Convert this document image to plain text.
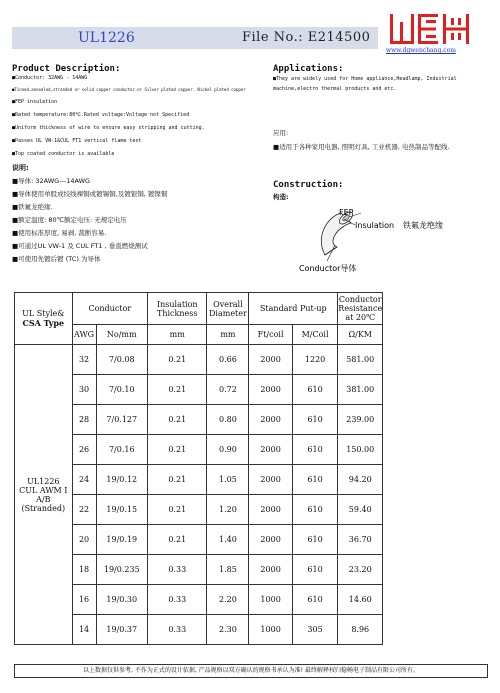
UL1226	File No.: E214500
www.dgwenchang.com
Product Description:
■Conductor: 32AWG - 14AWG
■Tinned,annealed,stranded or solid copper conductor.or Silver plated copper. Nickel plated copper
■FEP insulation
■Rated temperature:80℃.Rated voltage:Voltage not Specified
■Uniform thickness of wire to ensure easy stripping and cutting.
■Passes UL VW-1&CUL FT1 vertical flame test
■Top coated conductor is available
说明:
■导体: 32AWG---14AWG
■导体使用单股或绞线裸铜或镀锡铜,及镀银铜, 镀镍铜
■铁氟龙绝缘.
■额定温度: 80℃额定电压: 无规定电压
■使用标准厚度, 易剥, 裁断容易.
■可通过UL VW-1 及 CUL FT1 , 垂直燃烧测试
■可使用先镀后镀 (TC) 为导体
Applications:
■They are widely used for Home appliance,Headlamp, Industrial machine,electro thermal products and etc.
应用:
■适用于各种家用电器, 照明灯具, 工业机器, 电热制品等配线.
Construction:
构造:
FEP
Insulation 铁氟龙绝缘
Conductor导体
UL Style&
CSA Type	Conductor		Insulation Thickness	Overall Diameter	Standard Put-up		Conductor Resistance at 20℃
	AWG	No/mm	mm	mm	Ft/coil	M/Coil	Ω/KM

UL1226
CUL AWM I
A/B
(Stranded)	32	7/0.08	0.21	0.66	2000	1220	581.00
	30	7/0.10	0.21	0.72	2000	610	381.00
	28	7/0.127	0.21	0.80	2000	610	239.00
	26	7/0.16	0.21	0.90	2000	610	150.00
	24	19/0.12	0.21	1.05	2000	610	94.20
	22	19/0.15	0.21	1.20	2000	610	59.40
	20	19/0.19	0.21	1.40	2000	610	36.70
	18	19/0.235	0.33	1.85	2000	610	23.20
	16	19/0.30	0.33	2.20	1000	610	14.60
	14	19/0.37	0.33	2.30	1000	305	8.96
以上数据仅供参考, 不作为正式的设计依据, 产品规格以双方确认的规格书承认为准! 最终解释权归稳畅电子制品有限公司所有。
